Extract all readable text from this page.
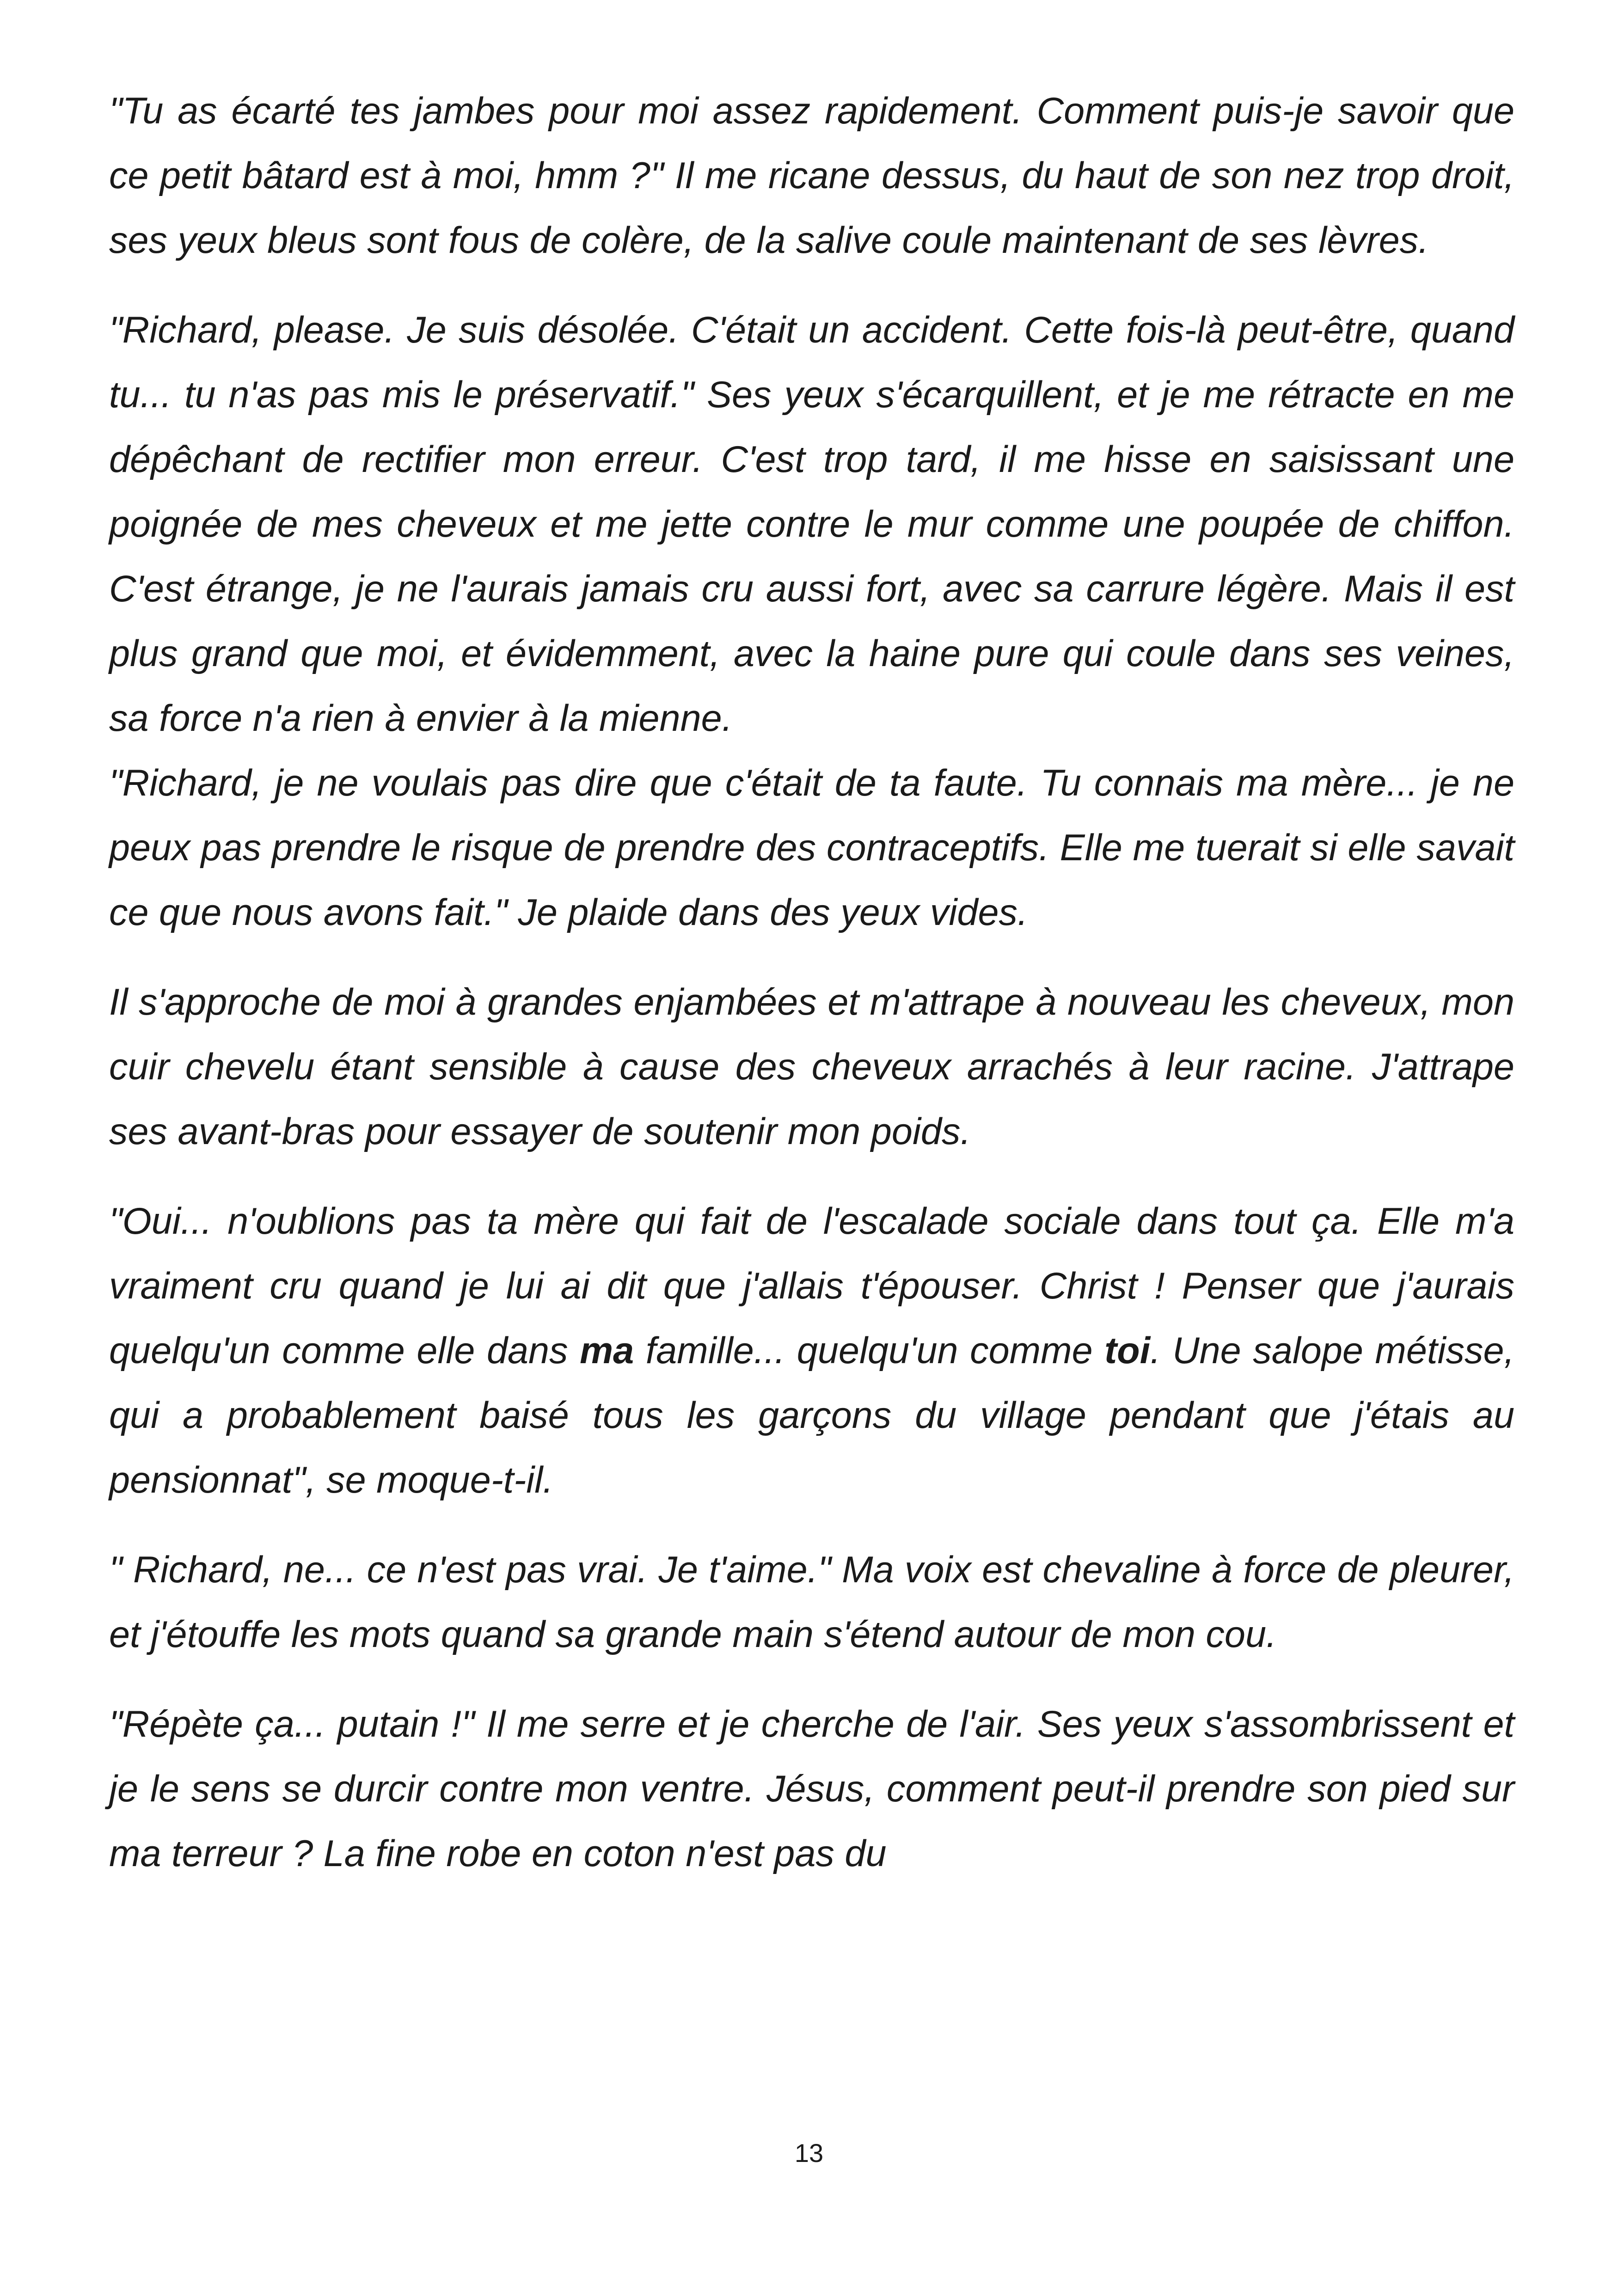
"Tu as écarté tes jambes pour moi assez rapidement. Comment puis-je savoir que ce petit bâtard est à moi, hmm ?" Il me ricane dessus, du haut de son nez trop droit, ses yeux bleus sont fous de colère, de la salive coule maintenant de ses lèvres.

"Richard, please. Je suis désolée. C'était un accident. Cette fois-là peut-être, quand tu... tu n'as pas mis le préservatif." Ses yeux s'écarquillent, et je me rétracte en me dépêchant de rectifier mon erreur. C'est trop tard, il me hisse en saisissant une poignée de mes cheveux et me jette contre le mur comme une poupée de chiffon. C'est étrange, je ne l'aurais jamais cru aussi fort, avec sa carrure légère. Mais il est plus grand que moi, et évidemment, avec la haine pure qui coule dans ses veines, sa force n'a rien à envier à la mienne.

"Richard, je ne voulais pas dire que c'était de ta faute. Tu connais ma mère... je ne peux pas prendre le risque de prendre des contraceptifs. Elle me tuerait si elle savait ce que nous avons fait." Je plaide dans des yeux vides.

Il s'approche de moi à grandes enjambées et m'attrape à nouveau les cheveux, mon cuir chevelu étant sensible à cause des cheveux arrachés à leur racine. J'attrape ses avant-bras pour essayer de soutenir mon poids.

"Oui... n'oublions pas ta mère qui fait de l'escalade sociale dans tout ça. Elle m'a vraiment cru quand je lui ai dit que j'allais t'épouser. Christ ! Penser que j'aurais quelqu'un comme elle dans ma famille... quelqu'un comme toi. Une salope métisse, qui a probablement baisé tous les garçons du village pendant que j'étais au pensionnat", se moque-t-il.

" Richard, ne... ce n'est pas vrai. Je t'aime." Ma voix est chevaline à force de pleurer, et j'étouffe les mots quand sa grande main s'étend autour de mon cou.

"Répète ça... putain !" Il me serre et je cherche de l'air. Ses yeux s'assombrissent et je le sens se durcir contre mon ventre. Jésus, comment peut-il prendre son pied sur ma terreur ? La fine robe en coton n'est pas du

13
